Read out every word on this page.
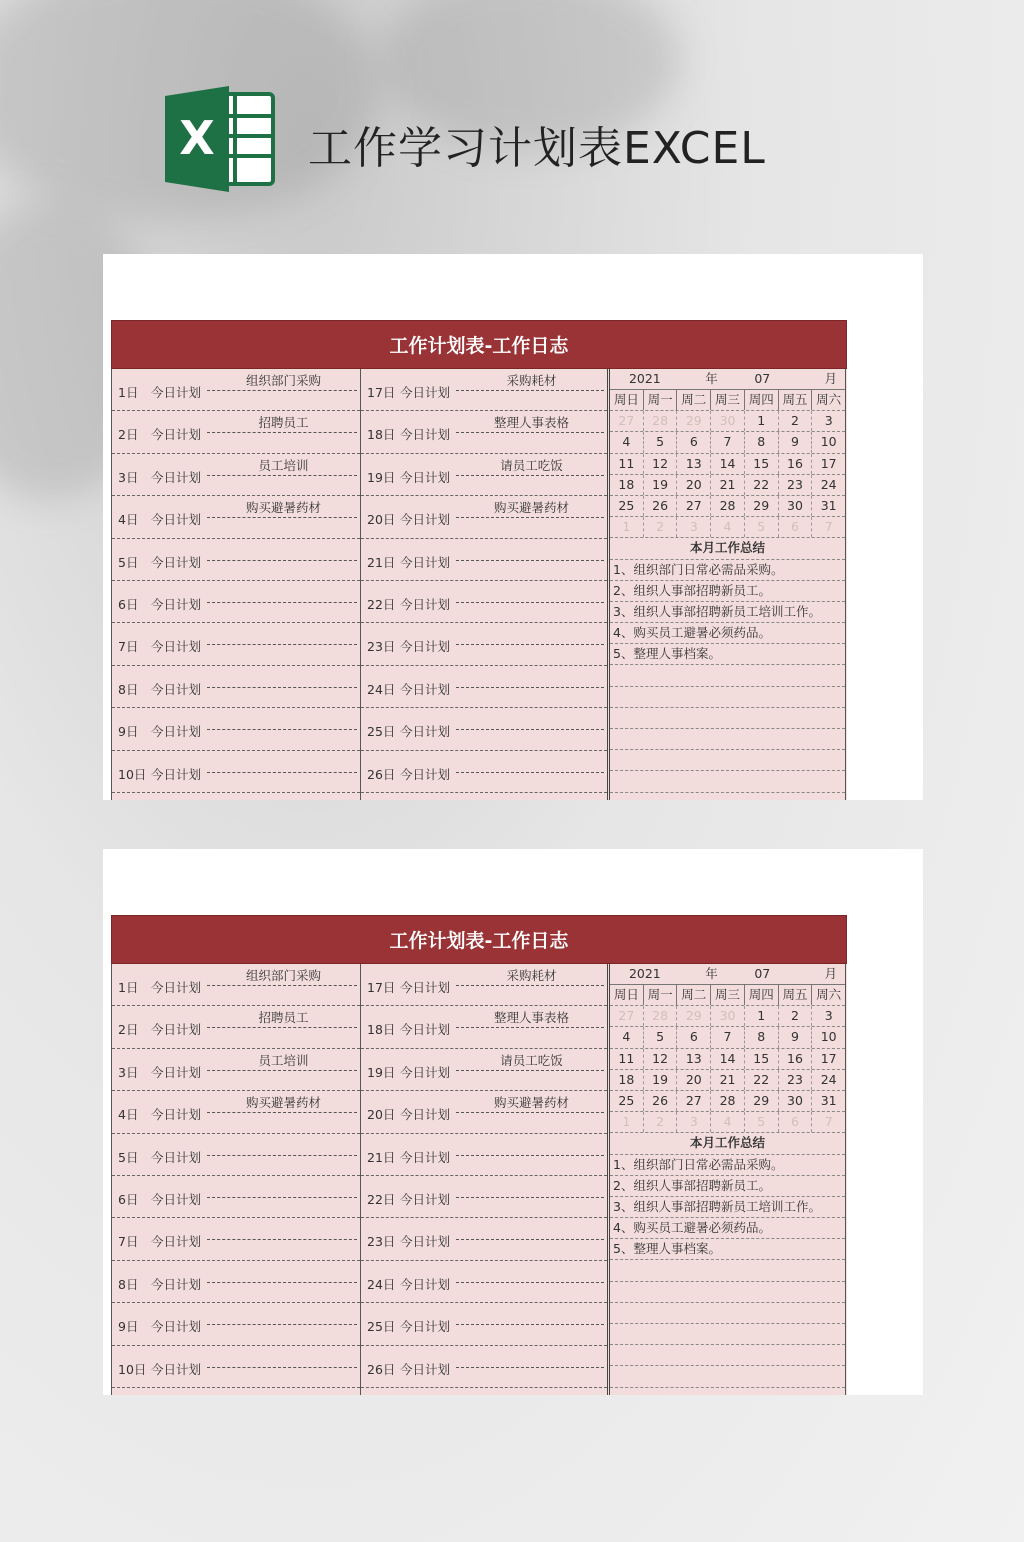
X 工作学习计划表EXCEL
工作计划表-工作日志
1日 今日计划
组织部门采购
2日 今日计划
招聘员工
3日 今日计划
员工培训
4日 今日计划
购买避暑药材
5日 今日计划
6日 今日计划
7日 今日计划
8日 今日计划
9日 今日计划
10日 今日计划
17日 今日计划
采购耗材
18日 今日计划
整理人事表格
19日 今日计划
请员工吃饭
20日 今日计划
购买避暑药材
21日 今日计划
22日 今日计划
23日 今日计划
24日 今日计划
25日 今日计划
26日 今日计划
2021	年	07	月
周日 周一 周二 周三 周四 周五 周六
27	28	29	30	1	2	3
4	5	6	7	8	9	10
11	12	13	14	15	16	17
18	19	20	21	22	23	24
25	26	27	28	29	30	31
1	2	3	4	5	6	7
本月工作总结
1、组织部门日常必需品采购。
2、组织人事部招聘新员工。
3、组织人事部招聘新员工培训工作。
4、购买员工避暑必须药品。
5、整理人事档案。
工作计划表-工作日志
1日 今日计划
组织部门采购
2日 今日计划
招聘员工
3日 今日计划
员工培训
4日 今日计划
购买避暑药材
5日 今日计划
6日 今日计划
7日 今日计划
8日 今日计划
9日 今日计划
10日 今日计划
17日 今日计划
采购耗材
18日 今日计划
整理人事表格
19日 今日计划
请员工吃饭
20日 今日计划
购买避暑药材
21日 今日计划
22日 今日计划
23日 今日计划
24日 今日计划
25日 今日计划
26日 今日计划
2021	年	07	月
周日 周一 周二 周三 周四 周五 周六
27	28	29	30	1	2	3
4	5	6	7	8	9	10
11	12	13	14	15	16	17
18	19	20	21	22	23	24
25	26	27	28	29	30	31
1	2	3	4	5	6	7
本月工作总结
1、组织部门日常必需品采购。
2、组织人事部招聘新员工。
3、组织人事部招聘新员工培训工作。
4、购买员工避暑必须药品。
5、整理人事档案。
